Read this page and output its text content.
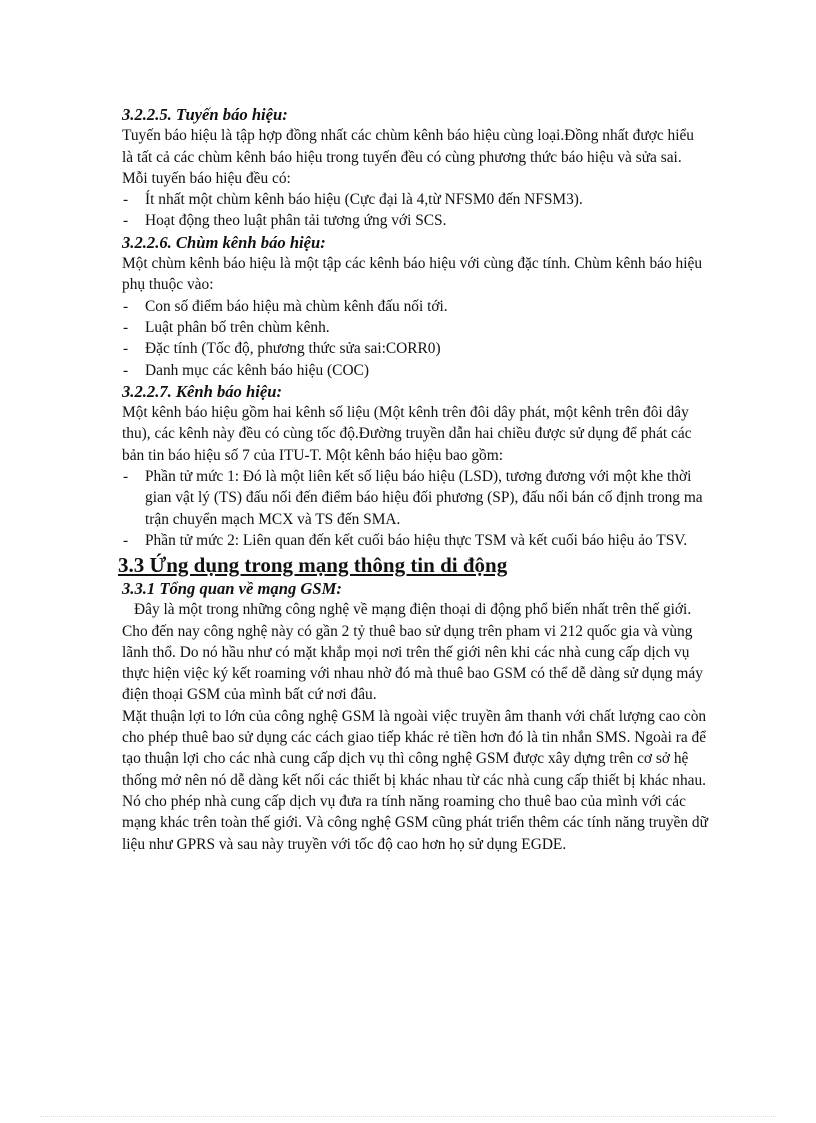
3.2.2.5. Tuyến báo hiệu:

Tuyến báo hiệu là tập hợp đồng nhất các chùm kênh báo hiệu cùng loại.Đồng nhất được hiểu là tất cả các chùm kênh báo hiệu trong tuyến đều có cùng phương thức báo hiệu và sửa sai. Mỗi tuyến báo hiệu đều có:

- Ít nhất một chùm kênh báo hiệu (Cực đại là 4,từ NFSM0 đến NFSM3).
- Hoạt động theo luật phân tải tương ứng với SCS.

3.2.2.6. Chùm kênh báo hiệu:

Một chùm kênh báo hiệu là một tập các kênh báo hiệu với cùng đặc tính. Chùm kênh báo hiệu phụ thuộc vào:

- Con số điểm báo hiệu mà chùm kênh đấu nối tới.
- Luật phân bố trên chùm kênh.
- Đặc tính (Tốc độ, phương thức sửa sai:CORR0)
- Danh mục các kênh báo hiệu (COC)

3.2.2.7. Kênh báo hiệu:

Một kênh báo hiệu gồm hai kênh số liệu (Một kênh trên đôi dây phát, một kênh trên đôi dây thu), các kênh này đều có cùng tốc độ.Đường truyền dẫn hai chiều được sử dụng để phát các bản tin báo hiệu số 7 của ITU-T. Một kênh báo hiệu bao gồm:

- Phần tử mức 1: Đó là một liên kết số liệu báo hiệu (LSD), tương đương với một khe thời gian vật lý (TS) đấu nối đến điểm báo hiệu đối phương (SP), đấu nối bán cố định trong ma trận chuyển mạch MCX và TS đến SMA.
- Phần tử mức 2: Liên quan đến kết cuối báo hiệu thực TSM và kết cuối báo hiệu ảo TSV.
3.3 Ứng dụng trong mạng thông tin di động

3.3.1 Tổng quan về mạng GSM:

Đây là một trong những công nghệ về mạng điện thoại di động phổ biến nhất trên thế giới. Cho đến nay công nghệ này có gần 2 tỷ thuê bao sử dụng trên pham vi 212 quốc gia và vùng lãnh thổ. Do nó hầu như có mặt khắp mọi nơi trên thế giới nên khi các nhà cung cấp dịch vụ thực hiện việc ký kết roaming với nhau nhờ đó mà thuê bao GSM có thể dễ dàng sử dụng máy điện thoại GSM của mình bất cứ nơi đâu.

Mặt thuận lợi to lớn của công nghệ GSM là ngoài việc truyền âm thanh với chất lượng cao còn cho phép thuê bao sử dụng các cách giao tiếp khác rẻ tiền hơn đó là tin nhắn SMS. Ngoài ra để tạo thuận lợi cho các nhà cung cấp dịch vụ thì công nghệ GSM được xây dựng trên cơ sở hệ thống mở nên nó dễ dàng kết nối các thiết bị khác nhau từ các nhà cung cấp thiết bị khác nhau.

Nó cho phép nhà cung cấp dịch vụ đưa ra tính năng roaming cho thuê bao của mình với các mạng khác trên toàn thế giới. Và công nghệ GSM cũng phát triển thêm các tính năng truyền dữ liệu như GPRS và sau này truyền với tốc độ cao hơn họ sử dụng EGDE.
